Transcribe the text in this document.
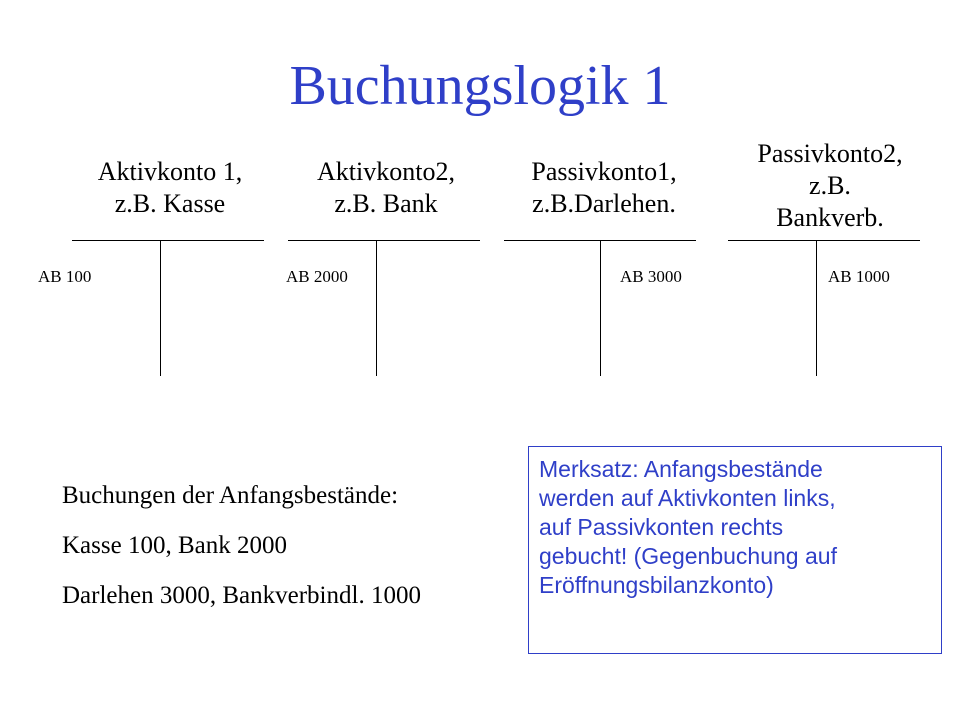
Buchungslogik 1
Aktivkonto 1,
z.B. Kasse
AB 100
Aktivkonto2,
z.B. Bank
AB 2000
Passivkonto1,
z.B.Darlehen.
AB 3000
Passivkonto2,
z.B.
Bankverb.
AB 1000
Buchungen der Anfangsbestände:
Kasse 100, Bank 2000
Darlehen 3000, Bankverbindl. 1000
Merksatz: Anfangsbestände
werden auf Aktivkonten links,
auf Passivkonten rechts
gebucht! (Gegenbuchung auf
Eröffnungsbilanzkonto)
